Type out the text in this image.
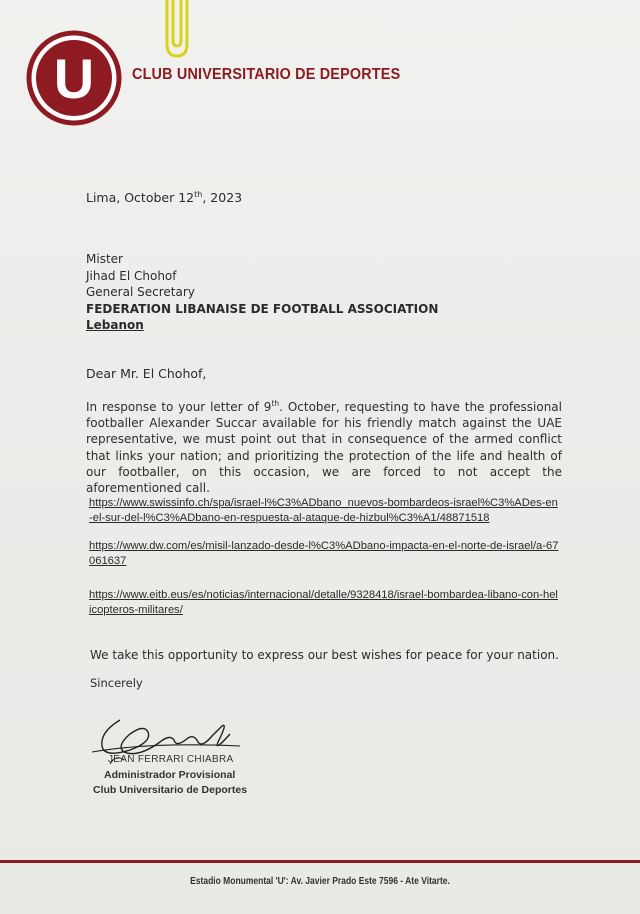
U CLUB UNIVERSITARIO DE DEPORTES
Lima, October 12th, 2023
Mister
Jihad El Chohof
General Secretary
FEDERATION LIBANAISE DE FOOTBALL ASSOCIATION
Lebanon
Dear Mr. El Chohof,
In response to your letter of 9th. October, requesting to have the professional footballer Alexander Succar available for his friendly match against the UAE representative, we must point out that in consequence of the armed conflict that links your nation; and prioritizing the protection of the life and health of our footballer, on this occasion, we are forced to not accept the aforementioned call.
https://www.swissinfo.ch/spa/israel-l%C3%ADbano_nuevos-bombardeos-israel%C3%ADes-en-el-sur-del-l%C3%ADbano-en-respuesta-al-ataque-de-hizbul%C3%A1/48871518
https://www.dw.com/es/misil-lanzado-desde-l%C3%ADbano-impacta-en-el-norte-de-israel/a-67061637
https://www.eitb.eus/es/noticias/internacional/detalle/9328418/israel-bombardea-libano-con-helicopteros-militares/
We take this opportunity to express our best wishes for peace for your nation.
Sincerely
JEAN FERRARI CHIABRA
Administrador Provisional
Club Universitario de Deportes
Estadio Monumental 'U': Av. Javier Prado Este 7596 - Ate Vitarte.
